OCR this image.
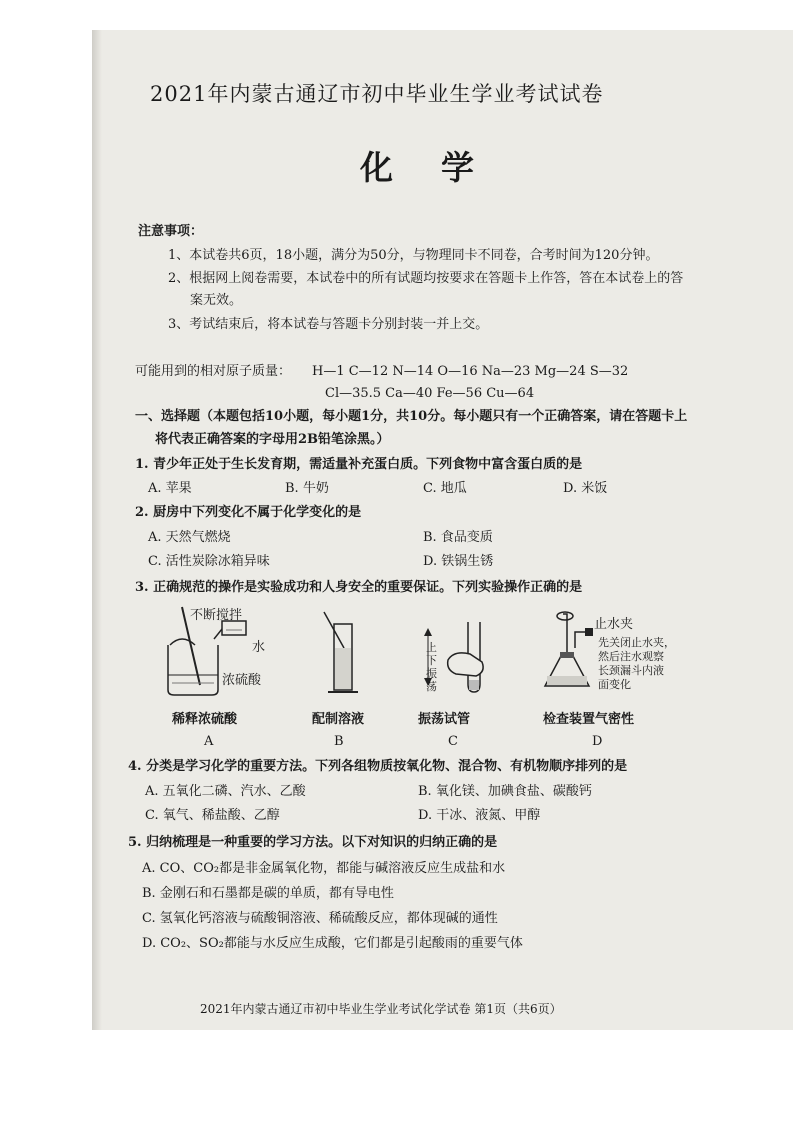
2021年内蒙古通辽市初中毕业生学业考试试卷
化学
注意事项：
1、本试卷共6页，18小题，满分为50分，与物理同卡不同卷，合考时间为120分钟。
2、根据网上阅卷需要，本试卷中的所有试题均按要求在答题卡上作答，答在本试卷上的答
案无效。
3、考试结束后，将本试卷与答题卡分别封装一并上交。
可能用到的相对原子质量： H—1 C—12 N—14 O—16 Na—23 Mg—24 S—32
Cl—35.5 Ca—40 Fe—56 Cu—64
一、选择题（本题包括10小题，每小题1分，共10分。每小题只有一个正确答案，请在答题卡上
将代表正确答案的字母用2B铅笔涂黑。）
1. 青少年正处于生长发育期，需适量补充蛋白质。下列食物中富含蛋白质的是
A. 苹果	B. 牛奶	C. 地瓜	D. 米饭
2. 厨房中下列变化不属于化学变化的是
A. 天然气燃烧	B. 食品变质
C. 活性炭除冰箱异味	D. 铁锅生锈
3. 正确规范的操作是实验成功和人身安全的重要保证。下列实验操作正确的是
不断搅拌
水
浓硫酸
稀释浓硫酸
A
配制溶液
B
上下振荡
振荡试管
C
止水夹
先关闭止水夹，
然后注水观察
长颈漏斗内液
面变化
检查装置气密性
D
4. 分类是学习化学的重要方法。下列各组物质按氧化物、混合物、有机物顺序排列的是
A. 五氧化二磷、汽水、乙酸	B. 氧化镁、加碘食盐、碳酸钙
C. 氧气、稀盐酸、乙醇	D. 干冰、液氮、甲醇
5. 归纳梳理是一种重要的学习方法。以下对知识的归纳正确的是
A. CO、CO₂都是非金属氧化物，都能与碱溶液反应生成盐和水
B. 金刚石和石墨都是碳的单质，都有导电性
C. 氢氧化钙溶液与硫酸铜溶液、稀硫酸反应，都体现碱的通性
D. CO₂、SO₂都能与水反应生成酸，它们都是引起酸雨的重要气体
2021年内蒙古通辽市初中毕业生学业考试化学试卷 第1页（共6页）
